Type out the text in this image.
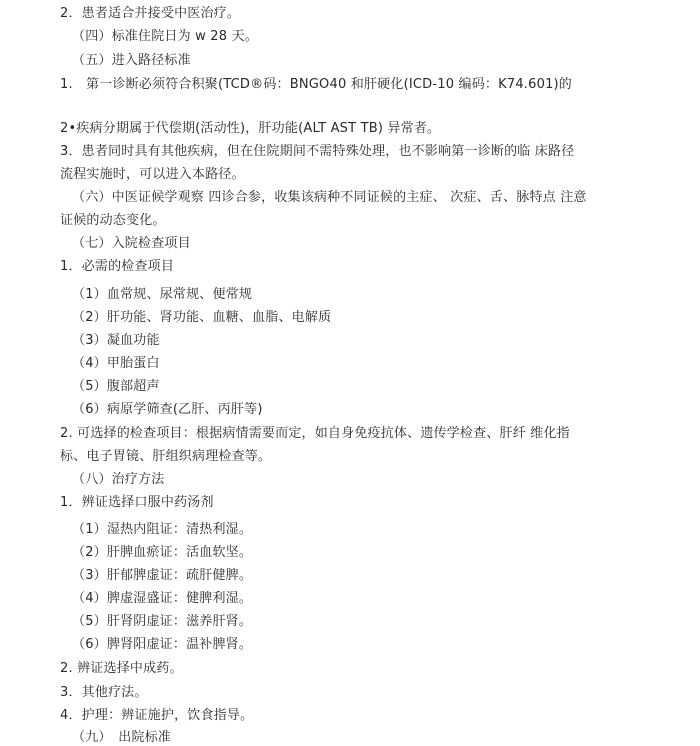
2．患者适合并接受中医治疗。
（四）标准住院日为 w 28 天。
（五）进入路径标准
1.　第一诊断必须符合积聚(TCD®码：BNGO40 和肝硬化(ICD-10 编码：K74.601)的
2•疾病分期属于代偿期(活动性)，肝功能(ALT AST TB) 异常者。
3．患者同时具有其他疾病，但在住院期间不需特殊处理，也不影响第一诊断的临 床路径
流程实施时，可以进入本路径。
（六）中医证候学观察 四诊合参，收集该病种不同证候的主症、 次症、舌、脉特点 注意
证候的动态变化。
（七）入院检查项目
1．必需的检查项目
（1）血常规、尿常规、便常规
（2）肝功能、肾功能、血糖、血脂、电解质
（3）凝血功能
（4）甲胎蛋白
（5）腹部超声
（6）病原学筛查(乙肝、丙肝等)
2. 可选择的检查项目：根据病情需要而定，如自身免疫抗体、遗传学检查、肝纤 维化指
标、电子胃镜、肝组织病理检查等。
（八）治疗方法
1．辨证选择口服中药汤剂
（1）湿热内阻证：清热利湿。
（2）肝脾血瘀证：活血软坚。
（3）肝郁脾虚证：疏肝健脾。
（4）脾虚湿盛证：健脾利湿。
（5）肝肾阴虚证：滋养肝肾。
（6）脾肾阳虚证：温补脾肾。
2. 辨证选择中成药。
3．其他疗法。
4．护理：辨证施护，饮食指导。
（九）　出院标准
